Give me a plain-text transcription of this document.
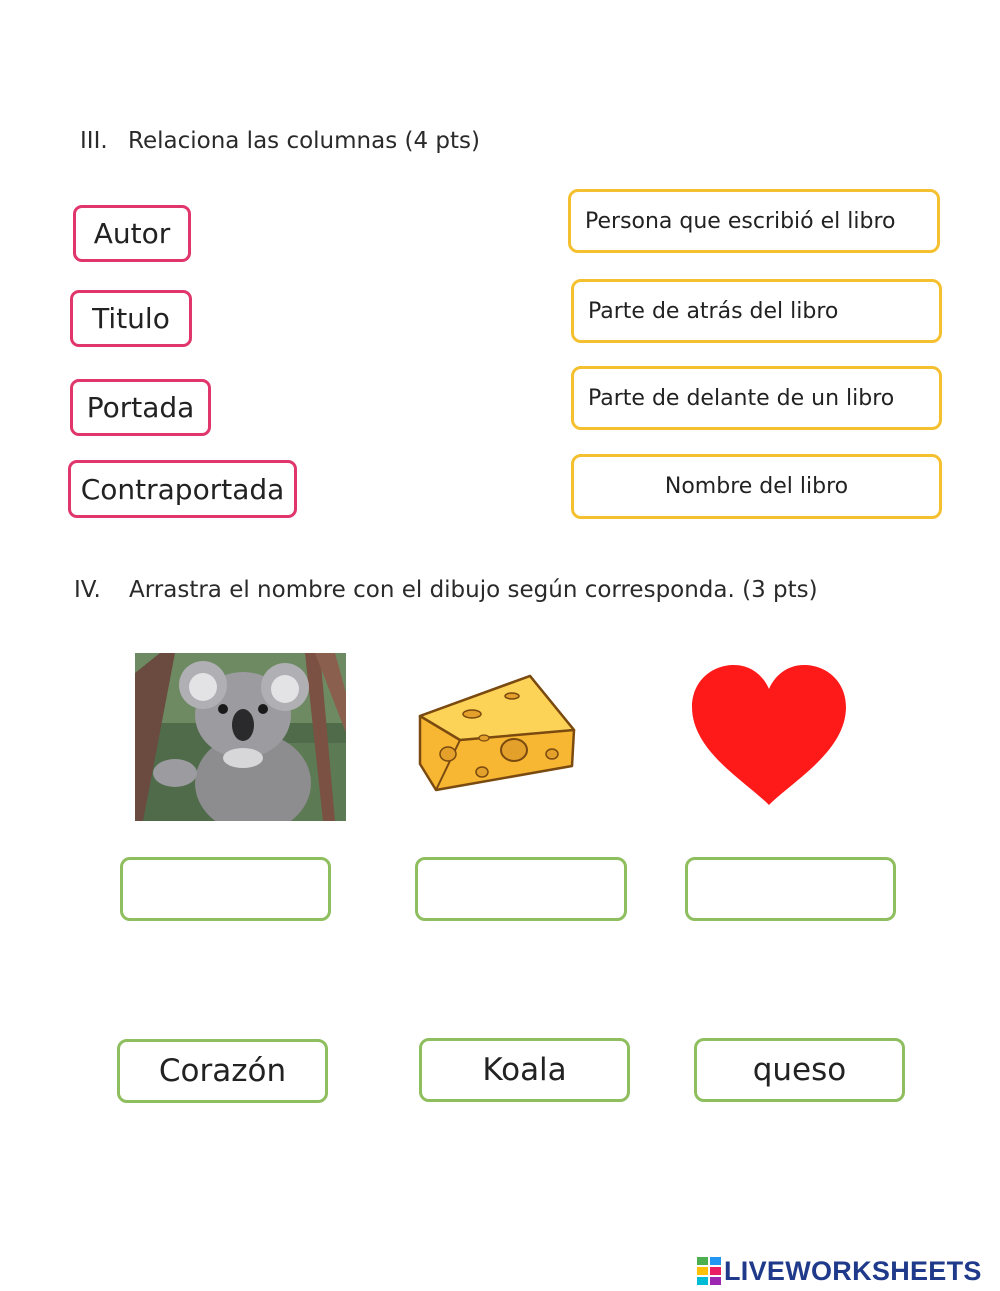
III. Relaciona las columnas (4 pts)
Autor
Titulo
Portada
Contraportada
Persona que escribió el libro
Parte de atrás del libro
Parte de delante de un libro
Nombre del libro
IV. Arrastra el nombre con el dibujo según corresponda. (3 pts)
Corazón	Koala	queso
LIVEWORKSHEETS
